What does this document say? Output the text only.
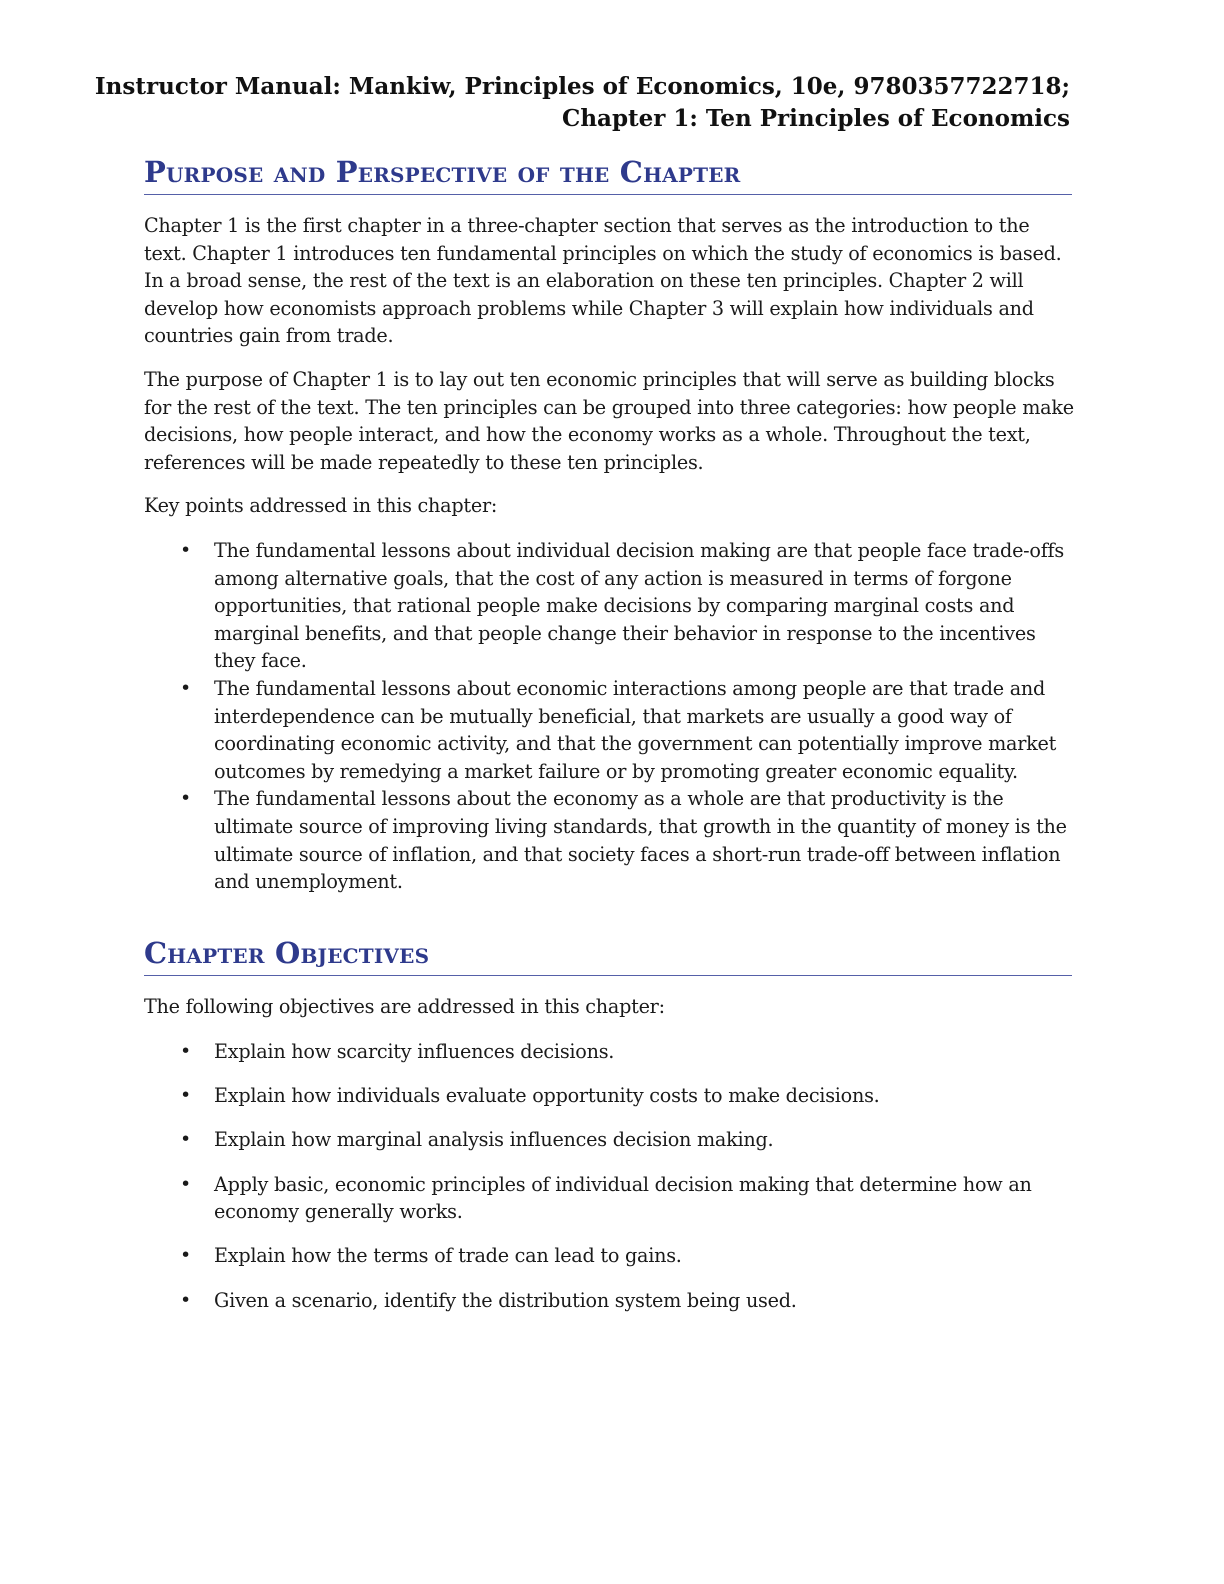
Instructor Manual: Mankiw, Principles of Economics, 10e, 9780357722718;
Chapter 1: Ten Principles of Economics
Purpose and Perspective of the Chapter

Chapter 1 is the first chapter in a three-chapter section that serves as the introduction to the text. Chapter 1 introduces ten fundamental principles on which the study of economics is based. In a broad sense, the rest of the text is an elaboration on these ten principles. Chapter 2 will develop how economists approach problems while Chapter 3 will explain how individuals and countries gain from trade.

The purpose of Chapter 1 is to lay out ten economic principles that will serve as building blocks for the rest of the text. The ten principles can be grouped into three categories: how people make decisions, how people interact, and how the economy works as a whole. Throughout the text, references will be made repeatedly to these ten principles.

Key points addressed in this chapter:

• The fundamental lessons about individual decision making are that people face trade-offs among alternative goals, that the cost of any action is measured in terms of forgone opportunities, that rational people make decisions by comparing marginal costs and marginal benefits, and that people change their behavior in response to the incentives they face.
• The fundamental lessons about economic interactions among people are that trade and interdependence can be mutually beneficial, that markets are usually a good way of coordinating economic activity, and that the government can potentially improve market outcomes by remedying a market failure or by promoting greater economic equality.
• The fundamental lessons about the economy as a whole are that productivity is the ultimate source of improving living standards, that growth in the quantity of money is the ultimate source of inflation, and that society faces a short-run trade-off between inflation and unemployment.
Chapter Objectives

The following objectives are addressed in this chapter:

• Explain how scarcity influences decisions.
• Explain how individuals evaluate opportunity costs to make decisions.
• Explain how marginal analysis influences decision making.
• Apply basic, economic principles of individual decision making that determine how an economy generally works.
• Explain how the terms of trade can lead to gains.
• Given a scenario, identify the distribution system being used.
